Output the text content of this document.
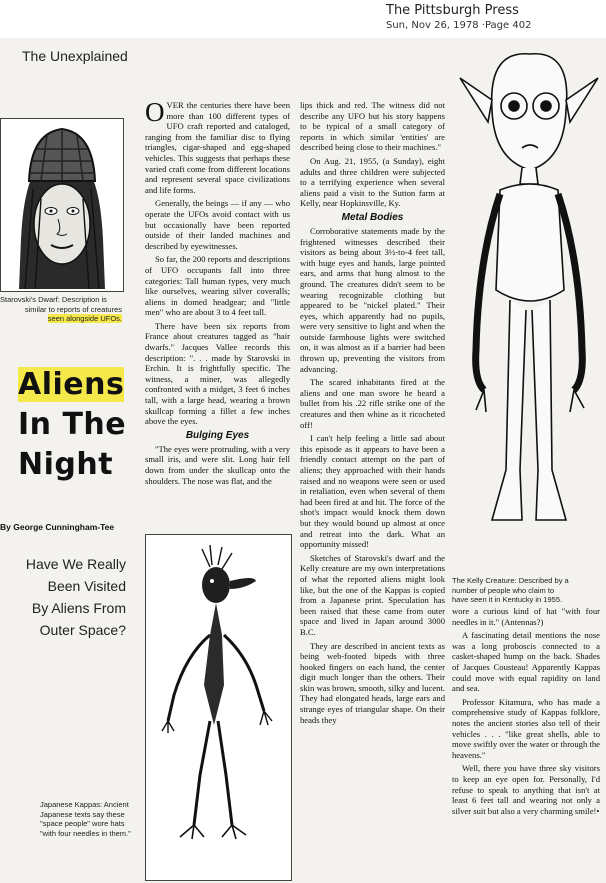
The Pittsburgh Press
Sun, Nov 26, 1978 ·Page 402
The Unexplained
Starovski's Dwarf: Description is
similar to reports of creatures
seen alongside UFOs.
Aliens
In The
Night
By George Cunningham-Tee
Have We Really
Been Visited
By Aliens From
Outer Space?
Japanese Kappas: Ancient
Japanese texts say these
"space people" wore hats
"with four needles in them."

OVER the centuries there have been more than 100 different types of UFO craft reported and cataloged, ranging from the familiar disc to flying triangles, cigar-shaped and egg-shaped vehicles. This suggests that perhaps these varied craft come from different locations and represent several space civilizations and life forms.

Generally, the beings — if any — who operate the UFOs avoid contact with us but occasionally have been reported outside of their landed machines and described by eyewitnesses.

So far, the 200 reports and descriptions of UFO occupants fall into three categories: Tall human types, very much like ourselves, wearing silver coveralls; aliens in domed headgear; and "little men" who are about 3 to 4 feet tall.

There have been six reports from France about creatures tagged as "hair dwarfs." Jacques Vallee records this description: ". . . made by Starovski in Erchin. It is frightfully specific. The witness, a miner, was allegedly confronted with a midget, 3 feet 6 inches tall, with a large head, wearing a brown skullcap forming a fillet a few inches above the eyes.

Bulging Eyes

"The eyes were protruding, with a very small iris, and were slit. Long hair fell down from under the skullcap onto the shoulders. The nose was flat, and the

lips thick and red. The witness did not describe any UFO but his story happens to be typical of a small category of reports in which similar 'entities' are described being close to their machines."

On Aug. 21, 1955, (a Sunday), eight adults and three children were subjected to a terrifying experience when several aliens paid a visit to the Sutton farm at Kelly, near Hopkinsville, Ky.

Metal Bodies

Corroborative statements made by the frightened witnesses described their visitors as being about 3½-to-4 feet tall, with huge eyes and hands, large pointed ears, and arms that hung almost to the ground. The creatures didn't seem to be wearing recognizable clothing but appeared to be "nickel plated." Their eyes, which apparently had no pupils, were very sensitive to light and when the outside farmhouse lights were switched on, it was almost as if a barrier had been thrown up, preventing the visitors from advancing.

The scared inhabitants fired at the aliens and one man swore he heard a bullet from his .22 rifle strike one of the creatures and then whine as it ricocheted off!

I can't help feeling a little sad about this episode as it appears to have been a friendly contact attempt on the part of aliens; they approached with their hands raised and no weapons were seen or used in retaliation, even when several of them had been fired at and hit. The force of the shot's impact would knock them down but they would bound up almost at once and retreat into the dark. What an opportunity missed!

Sketches of Starovski's dwarf and the Kelly creature are my own interpretations of what the reported aliens might look like, but the one of the Kappas is copied from a Japanese print. Speculation has been raised that these came from outer space and lived in Japan around 3000 B.C.

They are described in ancient texts as being web-footed bipeds with three hooked fingers on each hand, the center digit much longer than the others. Their skin was brown, smooth, silky and lucent. They had elongated heads, large ears and strange eyes of triangular shape. On their heads they

The Kelly Creature: Described by a
number of people who claim to
have seen it in Kentucky in 1955.

wore a curious kind of hat "with four needles in it." (Antennas?)

A fascinating detail mentions the nose was a long proboscis connected to a casket-shaped hump on the back. Shades of Jacques Cousteau! Apparently Kappas could move with equal rapidity on land and sea.

Professor Kitamura, who has made a comprehensive study of Kappas folklore, notes the ancient stories also tell of their vehicles . . . "like great shells, able to move swiftly over the water or through the heavens."

Well, there you have three sky visitors to keep an eye open for. Personally, I'd refuse to speak to anything that isn't at least 6 feet tall and wearing not only a silver suit but also a very charming smile!•
